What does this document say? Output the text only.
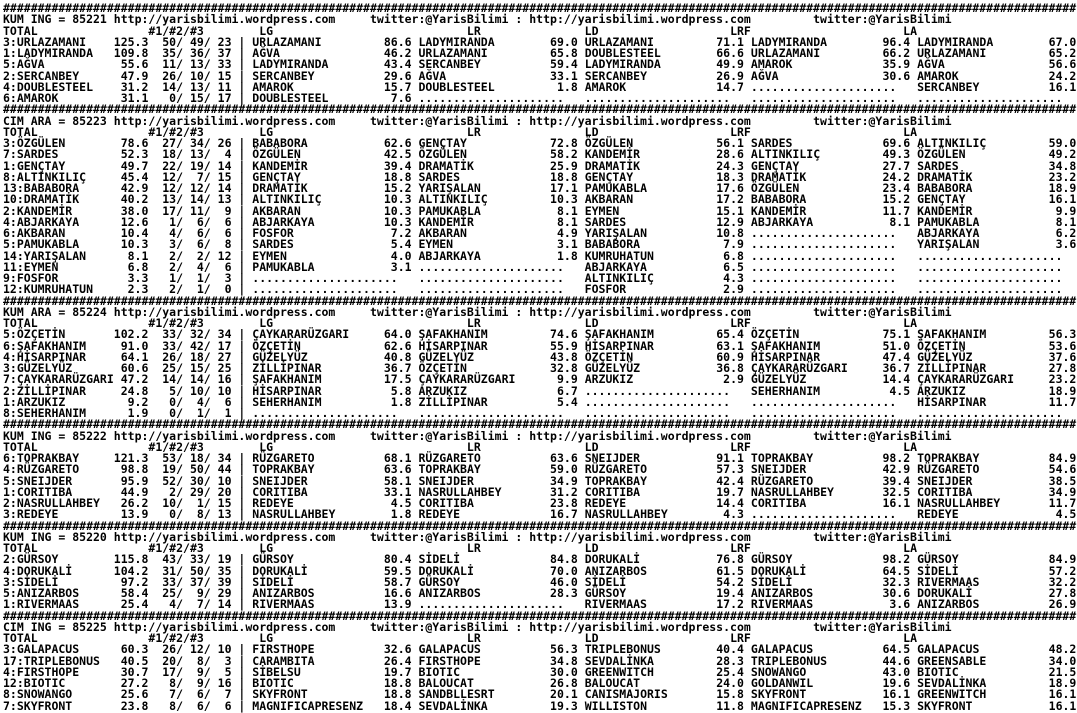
###########################################################################################################################################################
KUM ING = 85221 http://yarisbilimi.wordpress.com	twitter:@YarisBilimi : http://yarisbilimi.wordpress.com	twitter:@YarisBilimi
TOTAL                #1/#2/#3	LG	LR	LD	LRF	LA
3:URLAZAMANI    125.3  50/ 49/ 23 | URLAZAMANI         86.6 LADYMIRANDA        69.0 URLAZAMANI         71.1 LADYMIRANDA        96.4 LADYMIRANDA        67.0
1:LADYMIRANDA   109.8  35/ 36/ 37 | AĞVA               46.2 URLAZAMANI         65.8 DOUBLESTEEL        66.6 URLAZAMANI         66.2 URLAZAMANI         65.2
5:AĞVA           55.6  11/ 13/ 33 | LADYMIRANDA        43.4 SERCANBEY          59.4 LADYMIRANDA        49.9 AMAROK             35.9 AĞVA               56.6
2:SERCANBEY      47.9  26/ 10/ 15 | SERCANBEY          29.6 AĞVA               33.1 SERCANBEY          26.9 AĞVA               30.6 AMAROK             24.2
4:DOUBLESTEEL    31.2  14/ 13/ 11 | AMAROK             15.7 DOUBLESTEEL         1.8 AMAROK             14.7 .....................   SERCANBEY          16.1
6:AMAROK         31.1   0/ 15/ 17 | DOUBLESTEEL         7.6 .....................   .....................   .....................   .....................
###########################################################################################################################################################
CIM ARA = 85223 http://yarisbilimi.wordpress.com	twitter:@YarisBilimi : http://yarisbilimi.wordpress.com	twitter:@YarisBilimi
TOTAL                #1/#2/#3	LG	LR	LD	LRF	LA
3:ÖZGÜLEN        78.6  27/ 34/ 26 | BABABORA           62.6 GENÇTAY            72.8 ÖZGÜLEN            56.1 SARDES             69.6 ALTINKILIÇ         59.0
7:SARDES         52.3  18/ 13/  4 | ÖZGÜLEN            42.5 ÖZGÜLEN            58.2 KANDEMİR           28.6 ALTINKILIÇ         49.3 ÖZGÜLEN            49.2
1:GENÇTAY        49.7  22/ 19/ 14 | KANDEMİR           39.4 DRAMATİK           25.9 DRAMATİK           24.3 GENÇTAY            27.7 SARDES             34.8
8:ALTINKILIÇ     45.4  12/  7/ 15 | GENÇTAY            18.8 SARDES             18.8 GENÇTAY            18.3 DRAMATİK           24.2 DRAMATİK           23.2
13:BABABORA      42.9  12/ 12/ 14 | DRAMATİK           15.2 YARIŞALAN          17.1 PAMUKABLA          17.6 ÖZGÜLEN            23.4 BABABORA           18.9
10:DRAMATİK      40.2  13/ 14/ 13 | ALTINKILIÇ         10.3 ALTINKILIÇ         10.3 AKBARAN            17.2 BABABORA           15.2 GENÇTAY            16.1
2:KANDEMİR       38.0  17/ 11/  9 | AKBARAN            10.3 PAMUKABLA           8.1 EYMEN              15.1 KANDEMİR           11.7 KANDEMİR            9.9
4:ABJARKAYA      12.6   1/  6/  6 | ABJARKAYA          10.3 KANDEMİR            8.1 SARDES             12.9 ABJARKAYA           8.1 PAMUKABLA           8.1
6:AKBARAN        10.4   4/  6/  6 | FOSFOR              7.2 AKBARAN             4.9 YARIŞALAN          10.8 .....................   ABJARKAYA           6.2
5:PAMUKABLA      10.3   3/  6/  8 | SARDES              5.4 EYMEN               3.1 BABABORA            7.9 .....................   YARIŞALAN           3.6
14:YARIŞALAN      8.1   2/  2/ 12 | EYMEN               4.0 ABJARKAYA           1.8 KUMRUHATUN          6.8 .....................   .....................
11:EYMEN          6.8   2/  4/  6 | PAMUKABLA           3.1 .....................   ABJARKAYA           6.5 .....................   .....................
9:FOSFOR          3.3   1/  1/  3 | .....................   .....................   ALTINKILIÇ          4.3 .....................   .....................
12:KUMRUHATUN     2.3   2/  1/  0 | .....................   .....................   FOSFOR              2.9 .....................   .....................
###########################################################################################################################################################
KUM ARA = 85224 http://yarisbilimi.wordpress.com	twitter:@YarisBilimi : http://yarisbilimi.wordpress.com	twitter:@YarisBilimi
TOTAL                #1/#2/#3	LG	LR	LD	LRF	LA
5:ÖZÇETİN       102.2  33/ 32/ 34 | ÇAYKARARÜZGARI     64.0 ŞAFAKHANIM         74.6 ŞAFAKHANIM         65.4 ÖZÇETİN            75.1 ŞAFAKHANIM         56.3
6:ŞAFAKHANIM     91.0  33/ 42/ 17 | ÖZÇETİN            62.6 HİSARPINAR         55.9 HİSARPINAR         63.1 ŞAFAKHANIM         51.0 ÖZÇETİN            53.6
4:HİSARPINAR     64.1  26/ 18/ 27 | GÜZELYÜZ           40.8 GÜZELYÜZ           43.8 ÖZÇETİN            60.9 HİSARPINAR         47.4 GÜZELYÜZ           37.6
3:GÜZELYÜZ       60.6  25/ 15/ 25 | ZİLLİPINAR         36.7 ÖZÇETİN            32.8 GÜZELYÜZ           36.8 ÇAYKARARÜZGARI     36.7 ZİLLİPINAR         27.8
7:ÇAYKARARÜZGARI 47.2  14/ 14/ 16 | ŞAFAKHANIM         17.5 ÇAYKARARÜZGARI      9.9 ARZUKIZ             2.9 GÜZELYÜZ           14.4 ÇAYKARARÜZGARI     23.2
2:ZİLLİPINAR     24.8   5/ 10/ 10 | HİSARPINAR          5.8 ARZUKIZ             6.7 .....................   SEHERHANIM          4.5 ARZUKIZ            18.9
1:ARZUKIZ         9.2   0/  4/  6 | SEHERHANIM          1.8 ZİLLİPINAR          5.4 .....................   .....................   HİSARPINAR         11.7
8:SEHERHANIM      1.9   0/  1/  1 | .....................   .....................   .....................   .....................   .....................
###########################################################################################################################################################
KUM ING = 85222 http://yarisbilimi.wordpress.com	twitter:@YarisBilimi : http://yarisbilimi.wordpress.com	twitter:@YarisBilimi
TOTAL                #1/#2/#3	LG	LR	LD	LRF	LA
6:TOPRAKBAY     121.3  53/ 18/ 34 | RÜZGARETO          68.1 RÜZGARETO          63.6 SNEIJDER           91.1 TOPRAKBAY          98.2 TOPRAKBAY          84.9
4:RÜZGARETO      98.8  19/ 50/ 44 | TOPRAKBAY          63.6 TOPRAKBAY          59.0 RÜZGARETO          57.3 SNEIJDER           42.9 RÜZGARETO          54.6
5:SNEIJDER       95.9  52/ 30/ 10 | SNEIJDER           58.1 SNEIJDER           34.9 TOPRAKBAY          42.4 RÜZGARETO          39.4 SNEIJDER           38.5
1:CORITIBA       44.9   2/ 29/ 20 | CORITIBA           33.1 NASRULLAHBEY       31.2 CORITIBA           19.7 NASRULLAHBEY       32.5 CORITIBA           34.9
2:NASRULLAHBEY   26.2  10/  1/ 15 | REDEYE              4.5 CORITIBA           23.8 REDEYE             14.4 CORITIBA           16.1 NASRULLAHBEY       11.7
3:REDEYE         13.9   0/  8/ 13 | NASRULLAHBEY        1.8 REDEYE             16.7 NASRULLAHBEY        4.3 .....................   REDEYE              4.5
###########################################################################################################################################################
KUM ING = 85220 http://yarisbilimi.wordpress.com	twitter:@YarisBilimi : http://yarisbilimi.wordpress.com	twitter:@YarisBilimi
TOTAL                #1/#2/#3	LG	LR	LD	LRF	LA
2:GÜRSOY        115.8  43/ 33/ 19 | GÜRSOY             80.4 SİDELİ             84.8 DORUKALİ           76.8 GÜRSOY             98.2 GÜRSOY             84.9
4:DORUKALİ      104.2  31/ 50/ 35 | DORUKALİ           59.5 DORUKALİ           70.0 ANIZARBOS          61.5 DORUKALİ           64.5 SİDELİ             57.2
3:SİDELİ         97.2  33/ 37/ 39 | SİDELİ             58.7 GÜRSOY             46.0 SİDELİ             54.2 SİDELİ             32.3 RIVERMAAS          32.2
5:ANIZARBOS      58.4  25/  9/ 29 | ANIZARBOS          16.6 ANIZARBOS          28.3 GÜRSOY             19.4 ANIZARBOS          30.6 DORUKALİ           27.8
1:RIVERMAAS      25.4   4/  7/ 14 | RIVERMAAS          13.9 .....................   RIVERMAAS          17.2 RIVERMAAS           3.6 ANIZARBOS          26.9
###########################################################################################################################################################
CIM ING = 85225 http://yarisbilimi.wordpress.com	twitter:@YarisBilimi : http://yarisbilimi.wordpress.com	twitter:@YarisBilimi
TOTAL                #1/#2/#3	LG	LR	LD	LRF	LA
3:GALAPACUS      60.3  26/ 12/ 10 | FIRSTHOPE          32.6 GALAPACUS          56.3 TRIPLEBONUS        40.4 GALAPACUS          64.5 GALAPACUS          48.2
17:TRIPLEBONUS   40.5  20/  8/  3 | CARAMBITA          26.4 FIRSTHOPE          34.8 SEVDALİNKA         28.3 TRIPLEBONUS        44.6 GREENSABLE         34.0
4:FIRSTHOPE      30.7  17/  9/  5 | SİBELSU            19.7 BIOTIC             30.0 GREENWITCH         25.4 SNOWANGO           43.0 BIOTIC             21.5
12:BIOTIC        27.2   8/  9/ 16 | BIOTIC             18.8 BALOUCAT           26.8 BALOUCAT           24.0 GOLDANWIL          19.6 SEVDALİNKA         18.9
8:SNOWANGO       25.6   7/  6/  7 | SKYFRONT           18.8 SANDBLLESRT        20.1 CANISMAJORIS       15.8 SKYFRONT           16.1 GREENWITCH         16.1
7:SKYFRONT       23.8   8/  6/  6 | MAGNIFICAPRESENZ   18.4 SEVDALİNKA         19.3 WILLISTON          11.8 MAGNIFICAPRESENZ   15.3 SKYFRONT           16.1
